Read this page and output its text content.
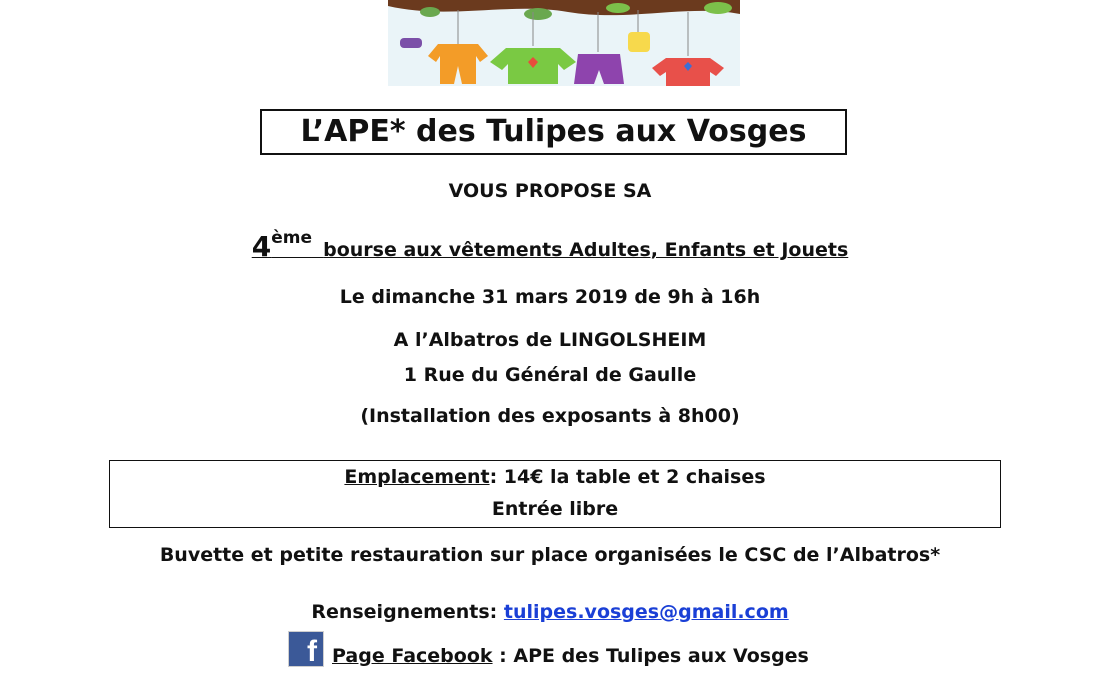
L’APE* des Tulipes aux Vosges
VOUS PROPOSE SA
4ème  bourse aux vêtements Adultes, Enfants et Jouets
Le dimanche 31 mars 2019 de 9h à 16h
A l’Albatros de LINGOLSHEIM
1 Rue du Général de Gaulle
(Installation des exposants à 8h00)
Emplacement: 14€ la table et 2 chaises
Entrée libre
Buvette et petite restauration sur place organisées le CSC de l’Albatros*
Renseignements: tulipes.vosges@gmail.com
f Page Facebook : APE des Tulipes aux Vosges
